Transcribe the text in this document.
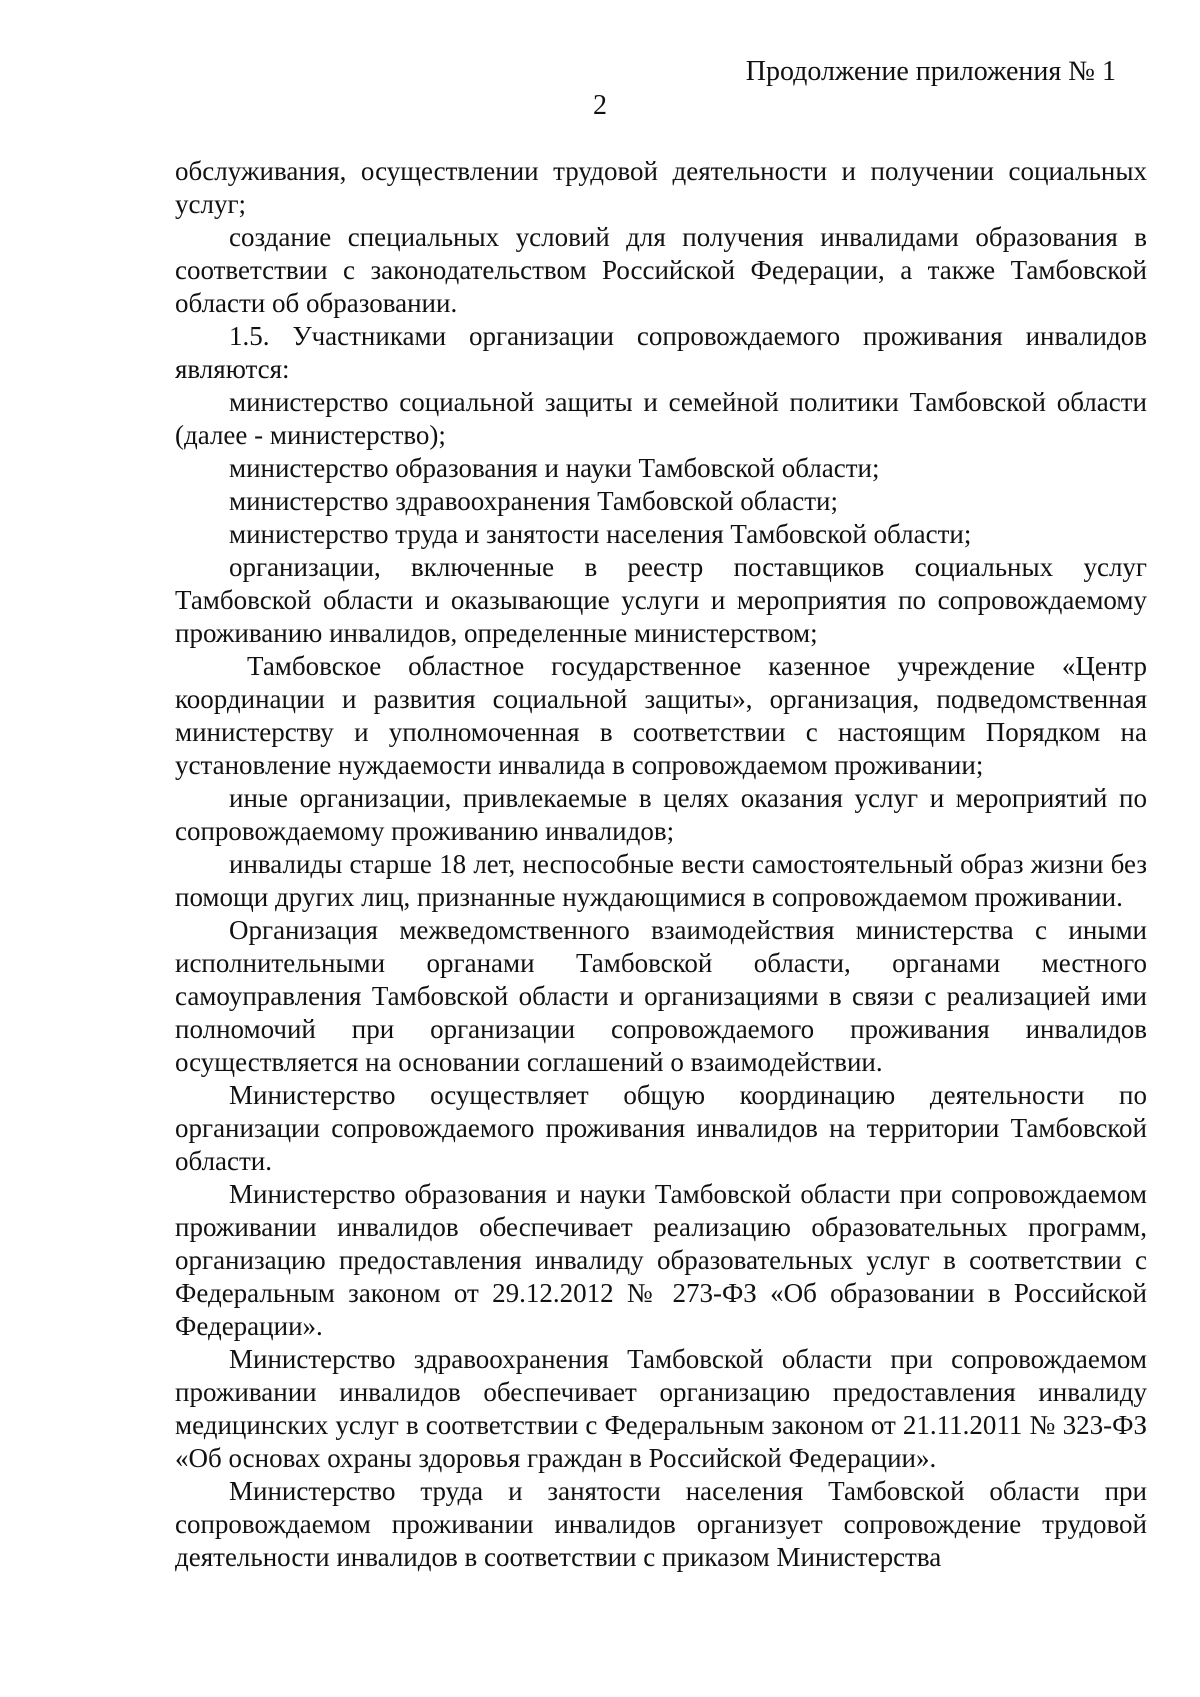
Продолжение приложения № 1
2

обслуживания, осуществлении трудовой деятельности и получении социальных услуг;

создание специальных условий для получения инвалидами образования в соответствии с законодательством Российской Федерации, а также Тамбовской области об образовании.

1.5. Участниками организации сопровождаемого проживания инвалидов являются:

министерство социальной защиты и семейной политики Тамбовской области (далее - министерство);

министерство образования и науки Тамбовской области;

министерство здравоохранения Тамбовской области;

министерство труда и занятости населения Тамбовской области;

организации, включенные в реестр поставщиков социальных услуг Тамбовской области и оказывающие услуги и мероприятия по сопровождаемому проживанию инвалидов, определенные министерством;

Тамбовское областное государственное казенное учреждение «Центр координации и развития социальной защиты», организация, подведомственная министерству и уполномоченная в соответствии с настоящим Порядком на установление нуждаемости инвалида в сопровождаемом проживании;

иные организации, привлекаемые в целях оказания услуг и мероприятий по сопровождаемому проживанию инвалидов;

инвалиды старше 18 лет, неспособные вести самостоятельный образ жизни без помощи других лиц, признанные нуждающимися в сопровождаемом проживании.

Организация межведомственного взаимодействия министерства с иными исполнительными органами Тамбовской области, органами местного самоуправления Тамбовской области и организациями в связи с реализацией ими полномочий при организации сопровождаемого проживания инвалидов осуществляется на основании соглашений о взаимодействии.

Министерство осуществляет общую координацию деятельности по организации сопровождаемого проживания инвалидов на территории Тамбовской области.

Министерство образования и науки Тамбовской области при сопровождаемом проживании инвалидов обеспечивает реализацию образовательных программ, организацию предоставления инвалиду образовательных услуг в соответствии с Федеральным законом от 29.12.2012 № 273-ФЗ «Об образовании в Российской Федерации».

Министерство здравоохранения Тамбовской области при сопровождаемом проживании инвалидов обеспечивает организацию предоставления инвалиду медицинских услуг в соответствии с Федеральным законом от 21.11.2011 № 323-ФЗ «Об основах охраны здоровья граждан в Российской Федерации».

Министерство труда и занятости населения Тамбовской области при сопровождаемом проживании инвалидов организует сопровождение трудовой деятельности инвалидов в соответствии с приказом Министерства
